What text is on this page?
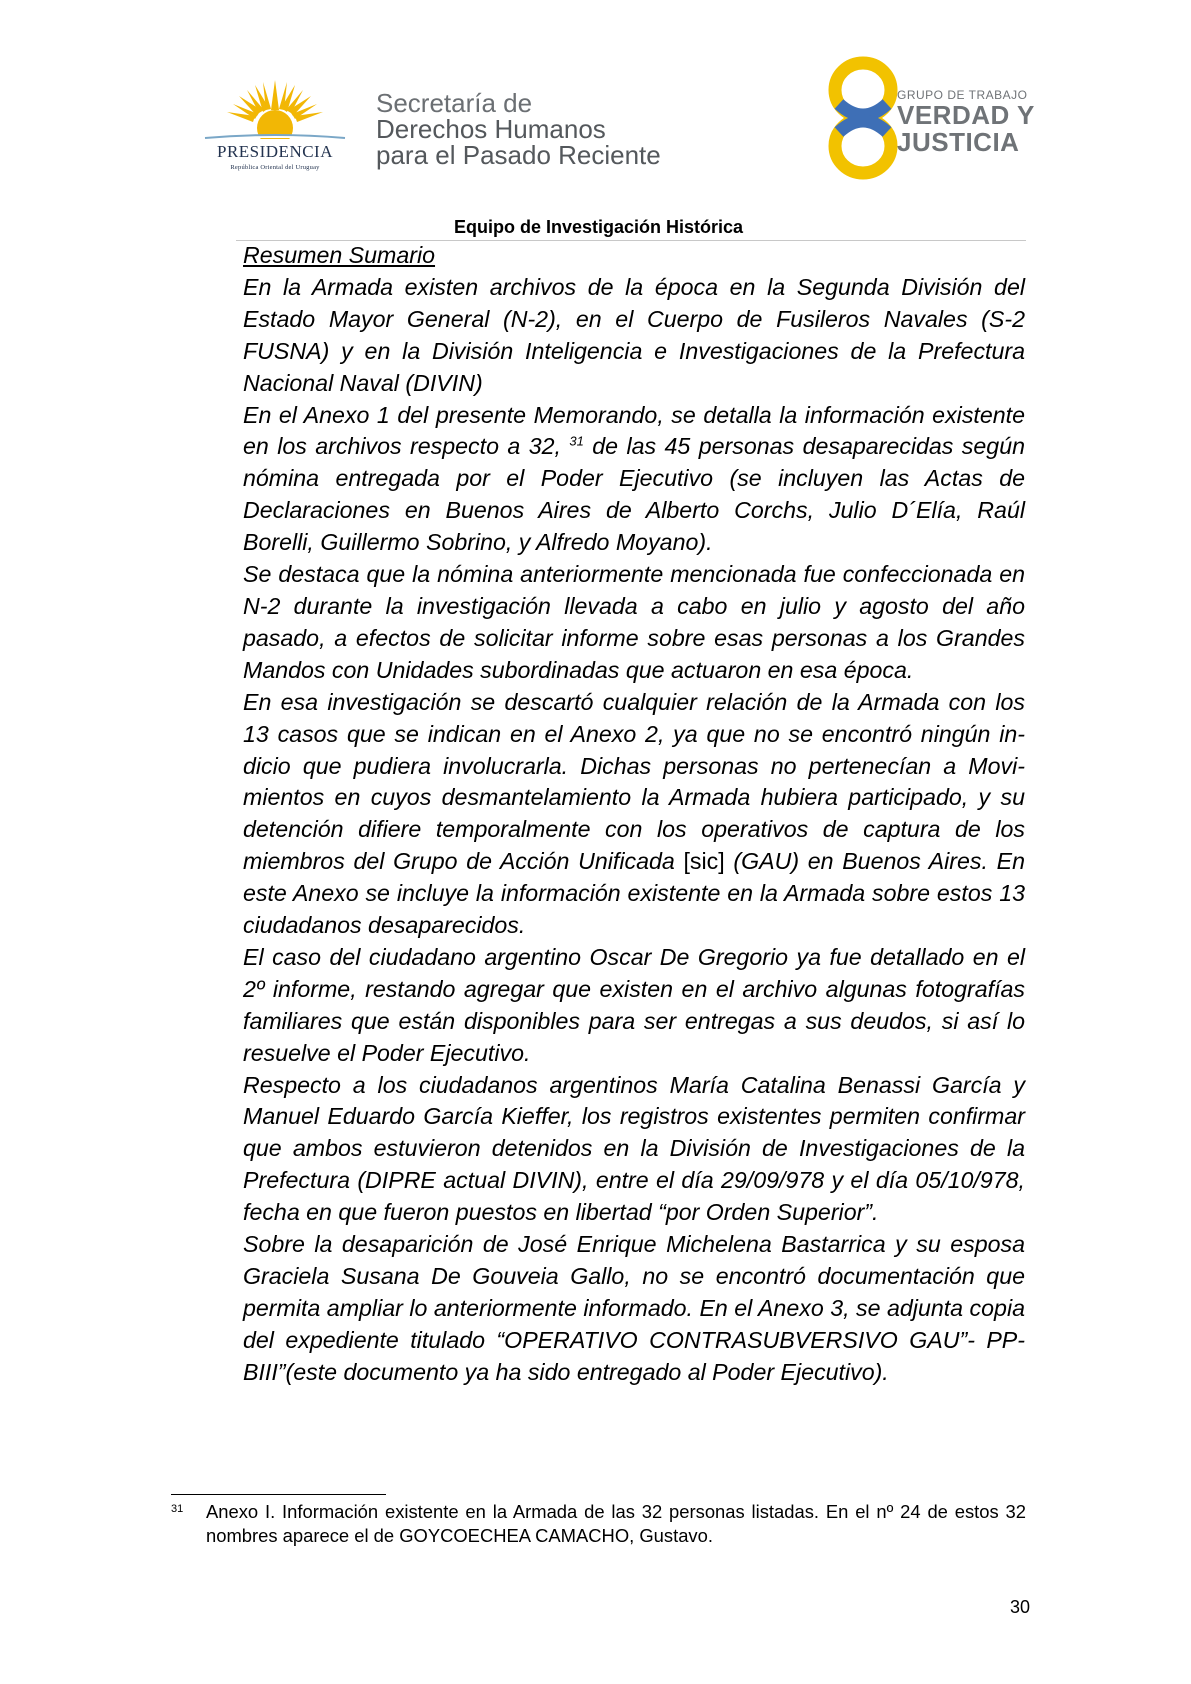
PRESIDENCIA
República Oriental del Uruguay
Secretaría de
Derechos Humanos
para el Pasado Reciente
GRUPO DE TRABAJO
VERDAD Y
JUSTICIA
Equipo de Investigación Histórica

Resumen Sumario

En la Armada existen archivos de la época en la Segunda División del Estado Mayor General (N-2), en el Cuerpo de Fusileros Navales (S-2 FUSNA) y en la División Inteligencia e Investigaciones de la Prefectura Nacional Naval (DIVIN)

En el Anexo 1 del presente Memorando, se detalla la información existente en los archivos respecto a 32, $^{31}$ de las 45 personas desaparecidas según nómina entregada por el Poder Ejecutivo (se incluyen las Actas de Declaraciones en Buenos Aires de Alberto Corchs, Julio D´Elía, Raúl Borelli, Guillermo Sobrino, y Alfredo Moyano).

Se destaca que la nómina anteriormente mencionada fue confeccionada en N-2 durante la investigación llevada a cabo en julio y agosto del año pasado, a efectos de solicitar informe sobre esas personas a los Grandes Mandos con Unidades subordinadas que actuaron en esa época.

En esa investigación se descartó cualquier relación de la Armada con los 13 casos que se indican en el Anexo 2, ya que no se encontró ningún indicio que pudiera involucrarla. Dichas personas no pertenecían a Movimientos en cuyos desmantelamiento la Armada hubiera participado, y su detención difiere temporalmente con los operativos de captura de los miembros del Grupo de Acción Unificada [sic] (GAU) en Buenos Aires. En este Anexo se incluye la información existente en la Armada sobre estos 13 ciudadanos desaparecidos.

El caso del ciudadano argentino Oscar De Gregorio ya fue detallado en el 2º informe, restando agregar que existen en el archivo algunas fotografías familiares que están disponibles para ser entregas a sus deudos, si así lo resuelve el Poder Ejecutivo.

Respecto a los ciudadanos argentinos María Catalina Benassi García y Manuel Eduardo García Kieffer, los registros existentes permiten confirmar que ambos estuvieron detenidos en la División de Investigaciones de la Prefectura (DIPRE actual DIVIN), entre el día 29/09/978 y el día 05/10/978, fecha en que fueron puestos en libertad “por Orden Superior”.

Sobre la desaparición de José Enrique Michelena Bastarrica y su esposa Graciela Susana De Gouveia Gallo, no se encontró documentación que permita ampliar lo anteriormente informado. En el Anexo 3, se adjunta copia del expediente titulado “OPERATIVO CONTRASUBVERSIVO GAU”- PP-BIII”(este documento ya ha sido entregado al Poder Ejecutivo).

31 Anexo I. Información existente en la Armada de las 32 personas listadas. En el nº 24 de estos 32 nombres aparece el de GOYCOECHEA CAMACHO, Gustavo.
30
